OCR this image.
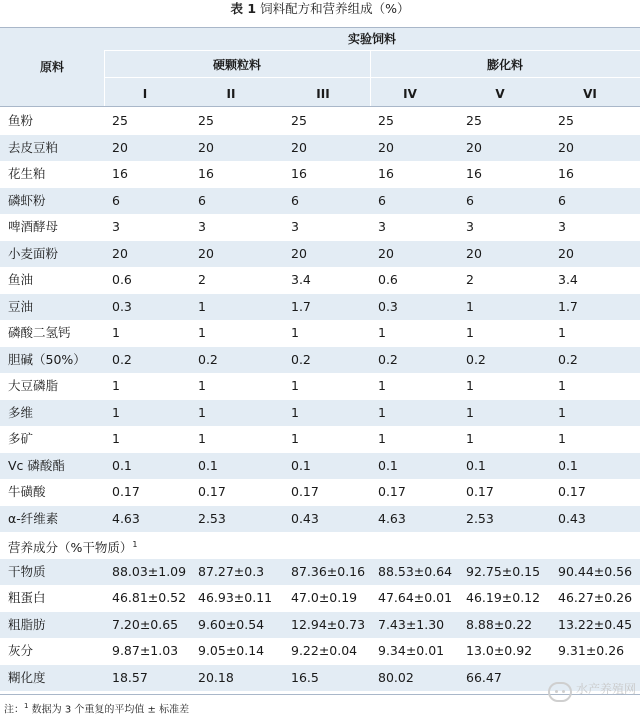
表 1 饲料配方和营养组成（%）
原料
实验饲料
硬颗粒料	膨化料
I	II	III	IV	V	VI
鱼粉	25	25	25	25	25	25
去皮豆粕	20	20	20	20	20	20
花生粕	16	16	16	16	16	16
磷虾粉	6	6	6	6	6	6
啤酒酵母	3	3	3	3	3	3
小麦面粉	20	20	20	20	20	20
鱼油	0.6	2	3.4	0.6	2	3.4
豆油	0.3	1	1.7	0.3	1	1.7
磷酸二氢钙	1	1	1	1	1	1
胆碱（50%） 0.2	0.2	0.2	0.2	0.2	0.2
大豆磷脂	1	1	1	1	1	1
多维	1	1	1	1	1	1
多矿	1	1	1	1	1	1
Vc 磷酸酯	0.1	0.1	0.1	0.1	0.1	0.1
牛磺酸	0.17	0.17	0.17	0.17	0.17	0.17
α-纤维素	4.63	2.53	0.43	4.63	2.53	0.43
营养成分（%干物质）$^1$
干物质	88.03±1.09 87.27±0.3 87.36±0.16 88.53±0.64 92.75±0.15 90.44±0.56
粗蛋白	46.81±0.52 46.93±0.11 47.0±0.19 47.64±0.01 46.19±0.12 46.27±0.26
粗脂肪	7.20±0.65 9.60±0.54 12.94±0.73 7.43±1.30 8.88±0.22 13.22±0.45
灰分	9.87±1.03 9.05±0.14 9.22±0.04 9.34±0.01 13.0±0.92 9.31±0.26
糊化度	18.57	20.18	16.5	80.02	66.47
注：$^1$ 数据为 3 个重复的平均值 ± 标准差
水产养殖网
